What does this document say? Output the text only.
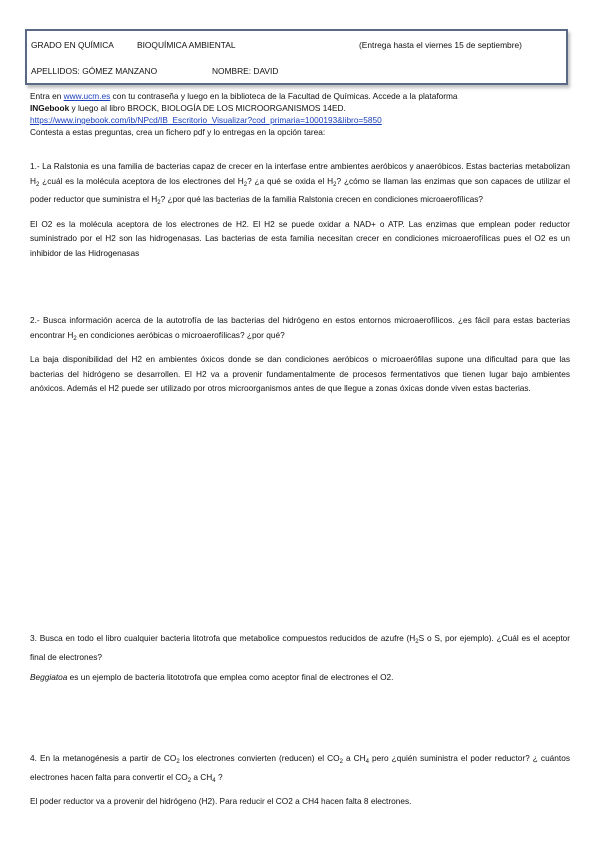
GRADO EN QUÍMICA	BIOQUÍMICA AMBIENTAL	(Entrega hasta el viernes 15 de septiembre)
APELLIDOS: GÓMEZ MANZANO	NOMBRE: DAVID

Entra en www.ucm.es con tu contraseña y luego en la biblioteca de la Facultad de Químicas. Accede a la plataforma

INGebook y luego al libro BROCK, BIOLOGÍA DE LOS MICROORGANISMOS 14ED.

https://www.ingebook.com/ib/NPcd/IB_Escritorio_Visualizar?cod_primaria=1000193&libro=5850

Contesta a estas preguntas, crea un fichero pdf y lo entregas en la opción tarea:

1.- La Ralstonia es una familia de bacterias capaz de crecer en la interfase entre ambientes aeróbicos y anaeróbicos. Estas bacterias metabolizan $H_2$ ¿cuál es la molécula aceptora de los electrones del $H_2$? ¿a qué se oxida el $H_2$? ¿cómo se llaman las enzimas que son capaces de utilizar el poder reductor que suministra el $H_2$? ¿por qué las bacterias de la familia Ralstonia crecen en condiciones microaerofílicas?

El O2 es la molécula aceptora de los electrones de H2. El H2 se puede oxidar a NAD+ o ATP. Las enzimas que emplean poder reductor suministrado por el H2 son las hidrogenasas. Las bacterias de esta familia necesitan crecer en condiciones microaerofílicas pues el O2 es un inhibidor de las Hidrogenasas

2.- Busca información acerca de la autotrofía de las bacterias del hidrógeno en estos entornos microaerofílicos. ¿es fácil para estas bacterias encontrar $H_2$ en condiciones aeróbicas o microaerofílicas? ¿por qué?

La baja disponibilidad del H2 en ambientes óxicos donde se dan condiciones aeróbicos o microaerófilas supone una dificultad para que las bacterias del hidrógeno se desarrollen. El H2 va a provenir fundamentalmente de procesos fermentativos que tienen lugar bajo ambientes anóxicos. Además el H2 puede ser utilizado por otros microorganismos antes de que llegue a zonas óxicas donde viven estas bacterias.

3. Busca en todo el libro cualquier bacteria litotrofa que metabolice compuestos reducidos de azufre ($H_2S$ o S, por ejemplo). ¿Cuál es el aceptor final de electrones?

Beggiatoa es un ejemplo de bacteria litototrofa que emplea como aceptor final de electrones el O2.

4. En la metanogénesis a partir de $CO_2$ los electrones convierten (reducen) el $CO_2$ a $CH_4$ pero ¿quién suministra el poder reductor? ¿ cuántos electrones hacen falta para convertir el $CO_2$ a $CH_4$ ?

El poder reductor va a provenir del hidrógeno (H2). Para reducir el CO2 a CH4 hacen falta 8 electrones.
